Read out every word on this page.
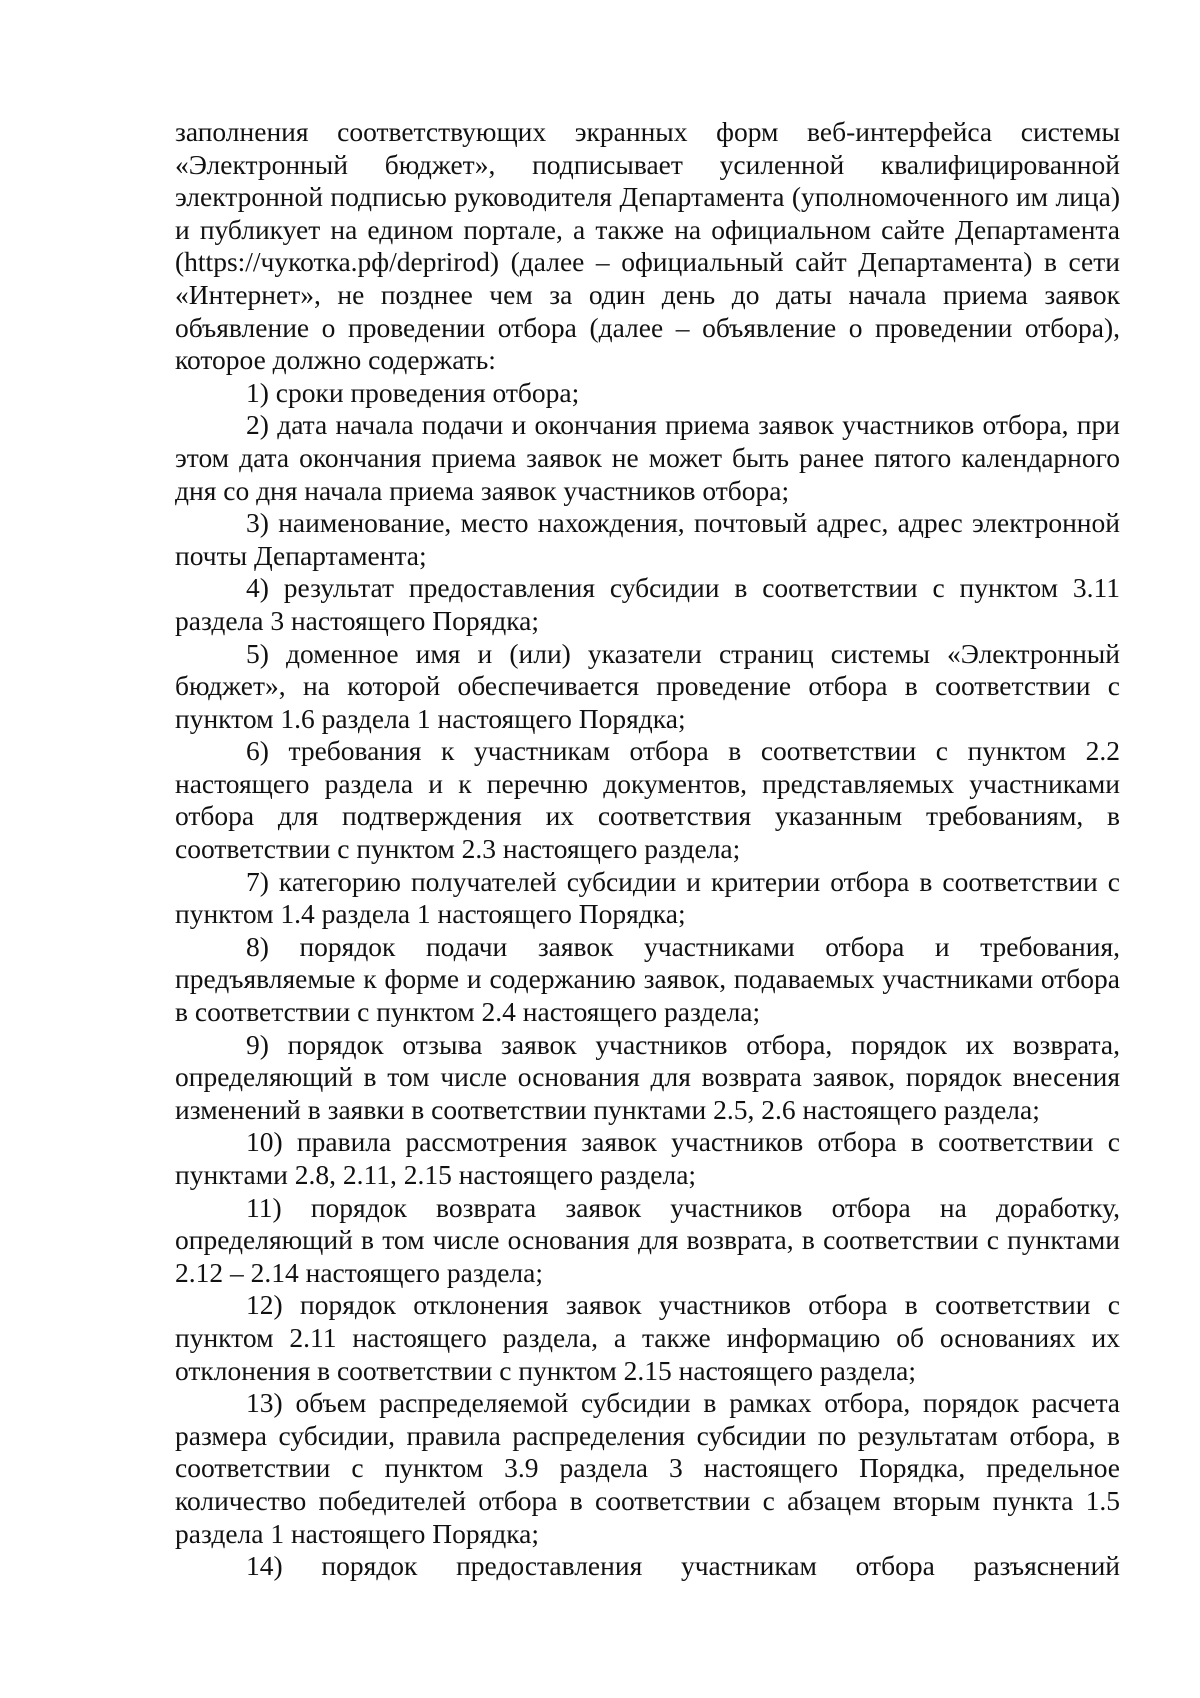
заполнения соответствующих экранных форм веб-интерфейса системы «Электронный бюджет», подписывает усиленной квалифицированной электронной подписью руководителя Департамента (уполномоченного им лица) и публикует на едином портале, а также на официальном сайте Департамента (https://чукотка.рф/deprirod) (далее – официальный сайт Департамента) в сети «Интернет», не позднее чем за один день до даты начала приема заявок объявление о проведении отбора (далее – объявление о проведении отбора), которое должно содержать:

1) сроки проведения отбора;

2) дата начала подачи и окончания приема заявок участников отбора, при этом дата окончания приема заявок не может быть ранее пятого календарного дня со дня начала приема заявок участников отбора;

3) наименование, место нахождения, почтовый адрес, адрес электронной почты Департамента;

4) результат предоставления субсидии в соответствии с пунктом 3.11 раздела 3 настоящего Порядка;

5) доменное имя и (или) указатели страниц системы «Электронный бюджет», на которой обеспечивается проведение отбора в соответствии с пунктом 1.6 раздела 1 настоящего Порядка;

6) требования к участникам отбора в соответствии с пунктом 2.2 настоящего раздела и к перечню документов, представляемых участниками отбора для подтверждения их соответствия указанным требованиям, в соответствии с пунктом 2.3 настоящего раздела;

7) категорию получателей субсидии и критерии отбора в соответствии с пунктом 1.4 раздела 1 настоящего Порядка;

8) порядок подачи заявок участниками отбора и требования, предъявляемые к форме и содержанию заявок, подаваемых участниками отбора в соответствии с пунктом 2.4 настоящего раздела;

9) порядок отзыва заявок участников отбора, порядок их возврата, определяющий в том числе основания для возврата заявок, порядок внесения изменений в заявки в соответствии пунктами 2.5, 2.6 настоящего раздела;

10) правила рассмотрения заявок участников отбора в соответствии с пунктами 2.8, 2.11, 2.15 настоящего раздела;

11) порядок возврата заявок участников отбора на доработку, определяющий в том числе основания для возврата, в соответствии с пунктами 2.12 – 2.14 настоящего раздела;

12) порядок отклонения заявок участников отбора в соответствии с пунктом 2.11 настоящего раздела, а также информацию об основаниях их отклонения в соответствии с пунктом 2.15 настоящего раздела;

13) объем распределяемой субсидии в рамках отбора, порядок расчета размера субсидии, правила распределения субсидии по результатам отбора, в соответствии с пунктом 3.9 раздела 3 настоящего Порядка, предельное количество победителей отбора в соответствии с абзацем вторым пункта 1.5 раздела 1 настоящего Порядка;

14) порядок предоставления участникам отбора разъяснений
